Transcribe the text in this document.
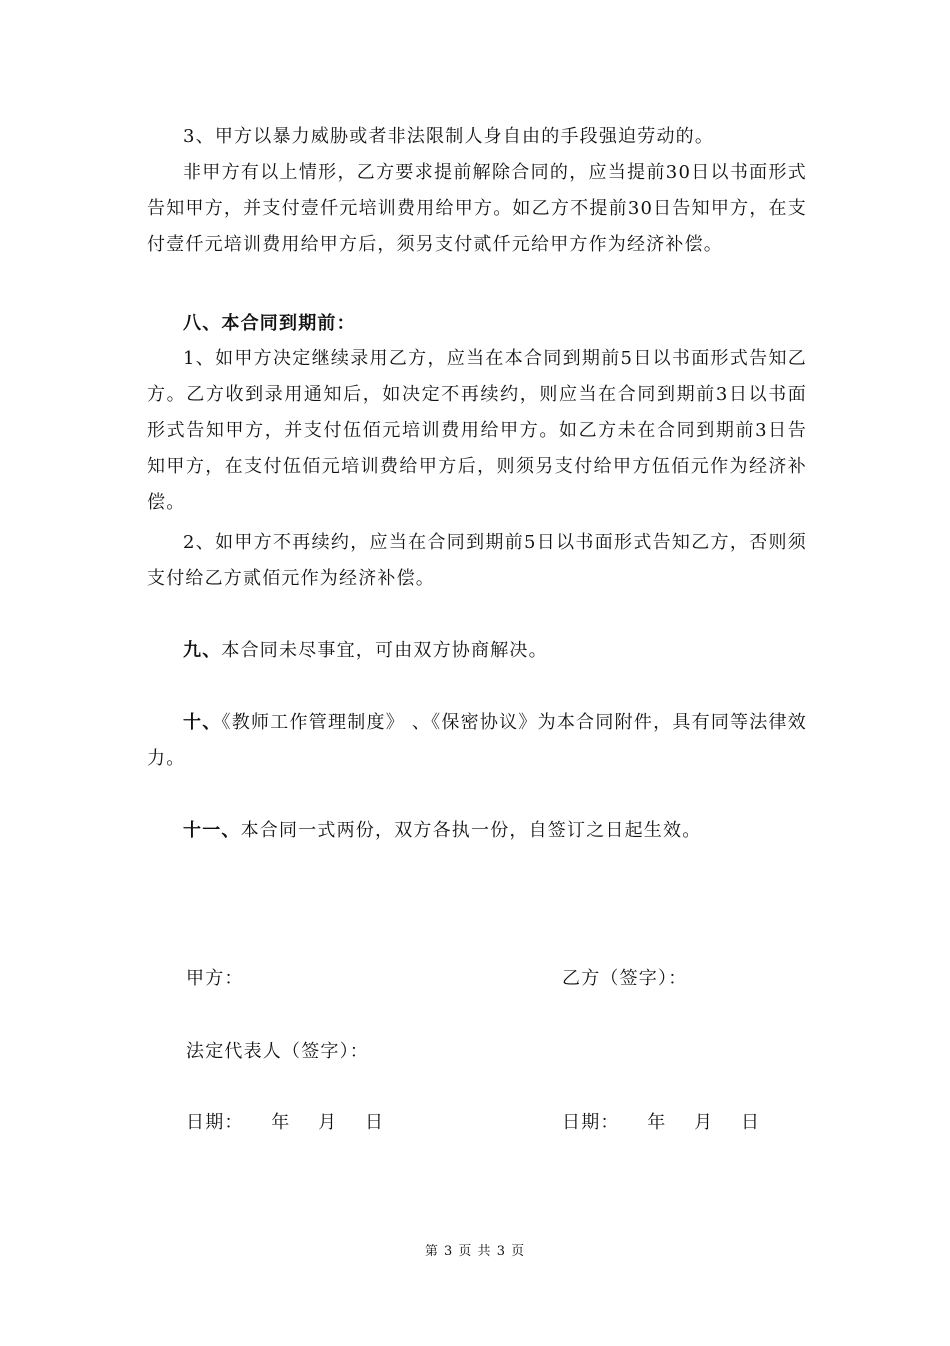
3、甲方以暴力威胁或者非法限制人身自由的手段强迫劳动的。

非甲方有以上情形，乙方要求提前解除合同的，应当提前30日以书面形式告知甲方，并支付壹仟元培训费用给甲方。如乙方不提前30日告知甲方，在支付壹仟元培训费用给甲方后，须另支付贰仟元给甲方作为经济补偿。

八、本合同到期前：

1、如甲方决定继续录用乙方，应当在本合同到期前5日以书面形式告知乙方。乙方收到录用通知后，如决定不再续约，则应当在合同到期前3日以书面形式告知甲方，并支付伍佰元培训费用给甲方。如乙方未在合同到期前3日告知甲方，在支付伍佰元培训费给甲方后，则须另支付给甲方伍佰元作为经济补偿。

2、如甲方不再续约，应当在合同到期前5日以书面形式告知乙方，否则须支付给乙方贰佰元作为经济补偿。

九、本合同未尽事宜，可由双方协商解决。

十、《教师工作管理制度》 、《保密协议》为本合同附件，具有同等法律效力。

十一、本合同一式两份，双方各执一份，自签订之日起生效。

甲方：	乙方（签字）：

法定代表人（签字）：

日期：    年    月    日	日期：    年    月    日

第 3 页 共 3 页
